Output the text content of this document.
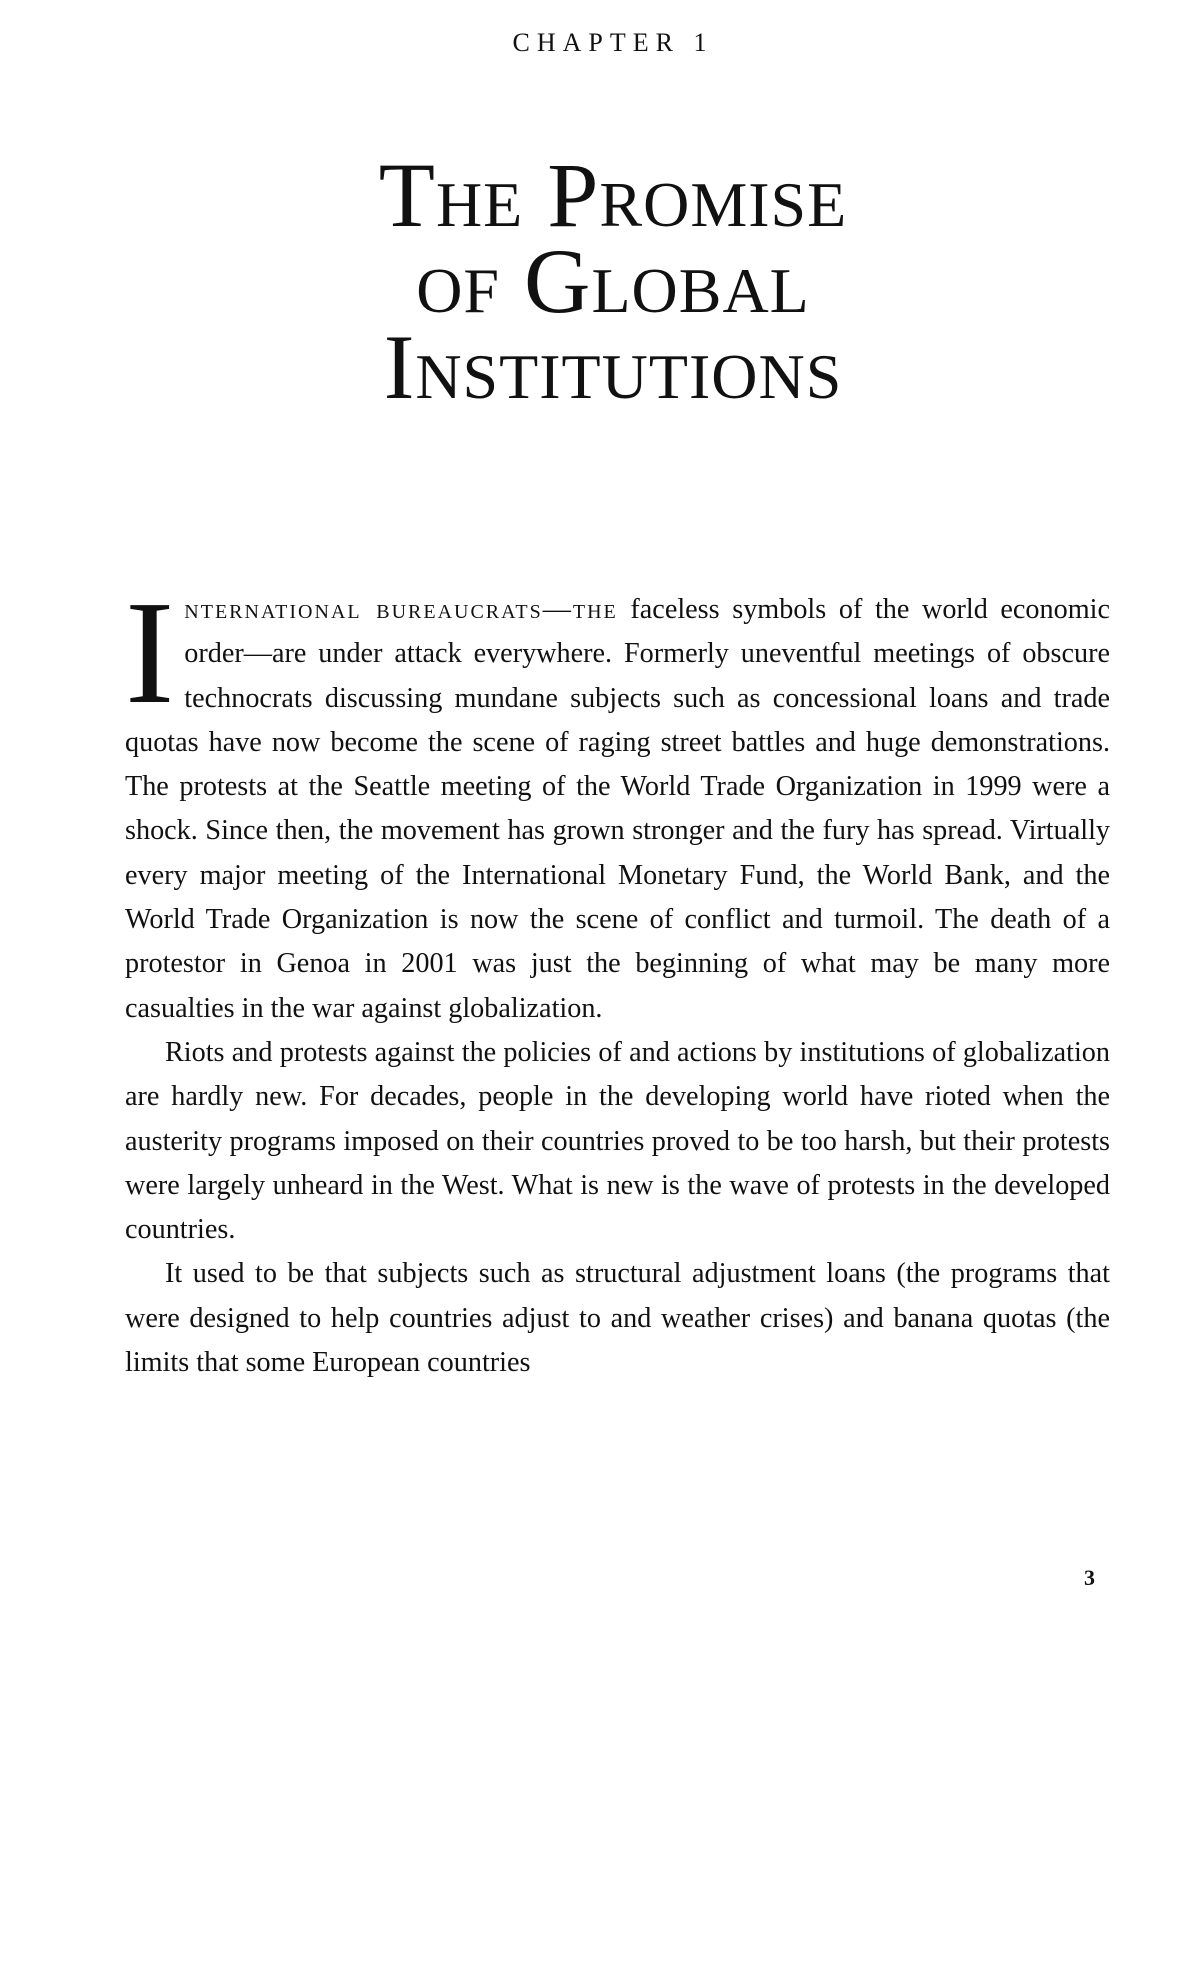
CHAPTER 1
The Promise
of Global
Institutions

International bureaucrats—the faceless symbols of the world economic order—are under attack everywhere. Formerly uneventful meetings of obscure technocrats discussing mundane subjects such as concessional loans and trade quotas have now become the scene of raging street battles and huge demonstrations. The protests at the Seattle meeting of the World Trade Organization in 1999 were a shock. Since then, the movement has grown stronger and the fury has spread. Virtually every major meeting of the International Monetary Fund, the World Bank, and the World Trade Organization is now the scene of conflict and turmoil. The death of a protestor in Genoa in 2001 was just the beginning of what may be many more casualties in the war against globalization.

Riots and protests against the policies of and actions by institutions of globalization are hardly new. For decades, people in the developing world have rioted when the austerity programs imposed on their countries proved to be too harsh, but their protests were largely unheard in the West. What is new is the wave of protests in the developed countries.

It used to be that subjects such as structural adjustment loans (the programs that were designed to help countries adjust to and weather crises) and banana quotas (the limits that some European countries

3
